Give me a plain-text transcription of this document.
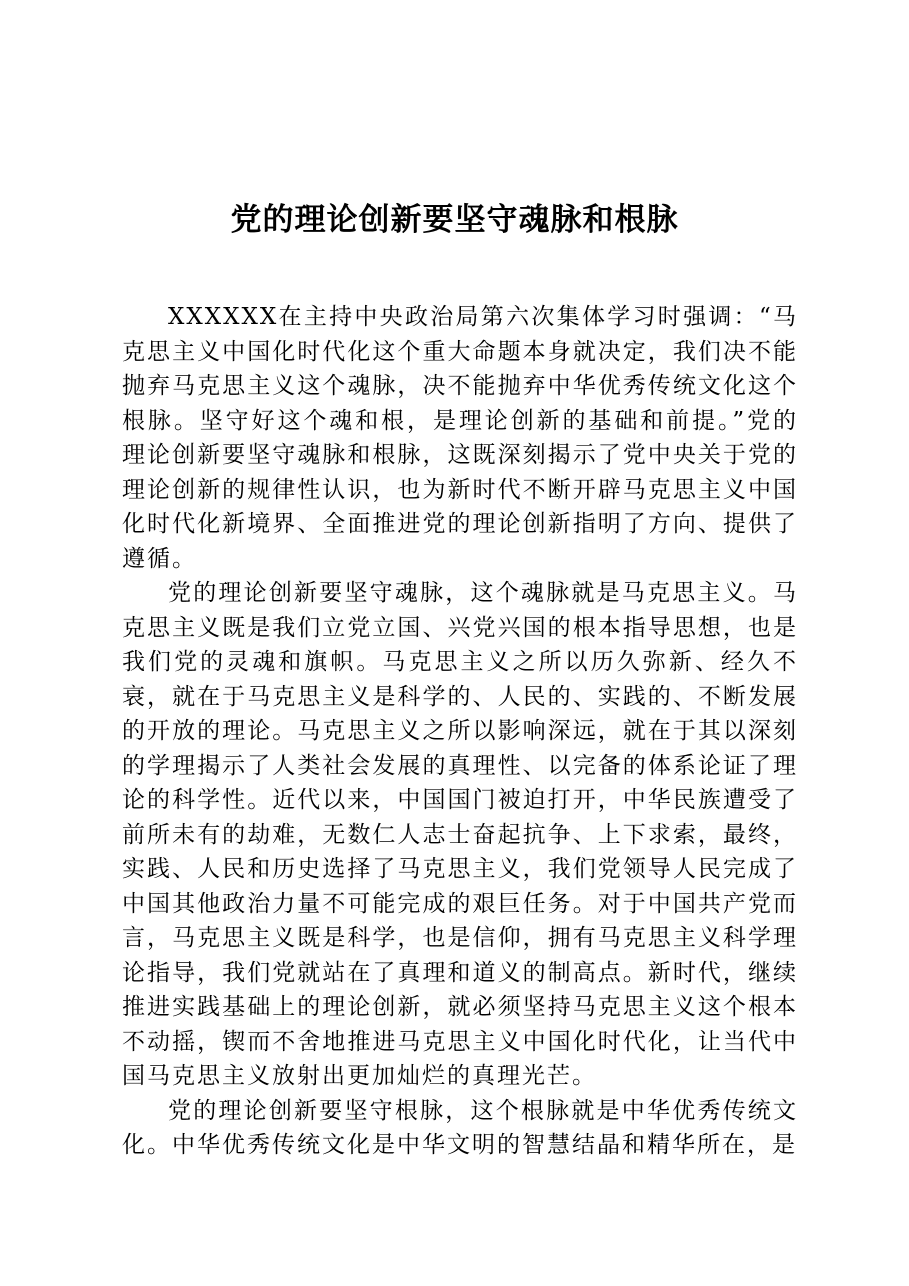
党的理论创新要坚守魂脉和根脉

XXXXXX在主持中央政治局第六次集体学习时强调：“马克思主义中国化时代化这个重大命题本身就决定，我们决不能抛弃马克思主义这个魂脉，决不能抛弃中华优秀传统文化这个根脉。坚守好这个魂和根，是理论创新的基础和前提。”党的理论创新要坚守魂脉和根脉，这既深刻揭示了党中央关于党的理论创新的规律性认识，也为新时代不断开辟马克思主义中国化时代化新境界、全面推进党的理论创新指明了方向、提供了遵循。

党的理论创新要坚守魂脉，这个魂脉就是马克思主义。马克思主义既是我们立党立国、兴党兴国的根本指导思想，也是我们党的灵魂和旗帜。马克思主义之所以历久弥新、经久不衰，就在于马克思主义是科学的、人民的、实践的、不断发展的开放的理论。马克思主义之所以影响深远，就在于其以深刻的学理揭示了人类社会发展的真理性、以完备的体系论证了理论的科学性。近代以来，中国国门被迫打开，中华民族遭受了前所未有的劫难，无数仁人志士奋起抗争、上下求索，最终，实践、人民和历史选择了马克思主义，我们党领导人民完成了中国其他政治力量不可能完成的艰巨任务。对于中国共产党而言，马克思主义既是科学，也是信仰，拥有马克思主义科学理论指导，我们党就站在了真理和道义的制高点。新时代，继续推进实践基础上的理论创新，就必须坚持马克思主义这个根本不动摇，锲而不舍地推进马克思主义中国化时代化，让当代中国马克思主义放射出更加灿烂的真理光芒。

党的理论创新要坚守根脉，这个根脉就是中华优秀传统文化。中华优秀传统文化是中华文明的智慧结晶和精华所在，是
